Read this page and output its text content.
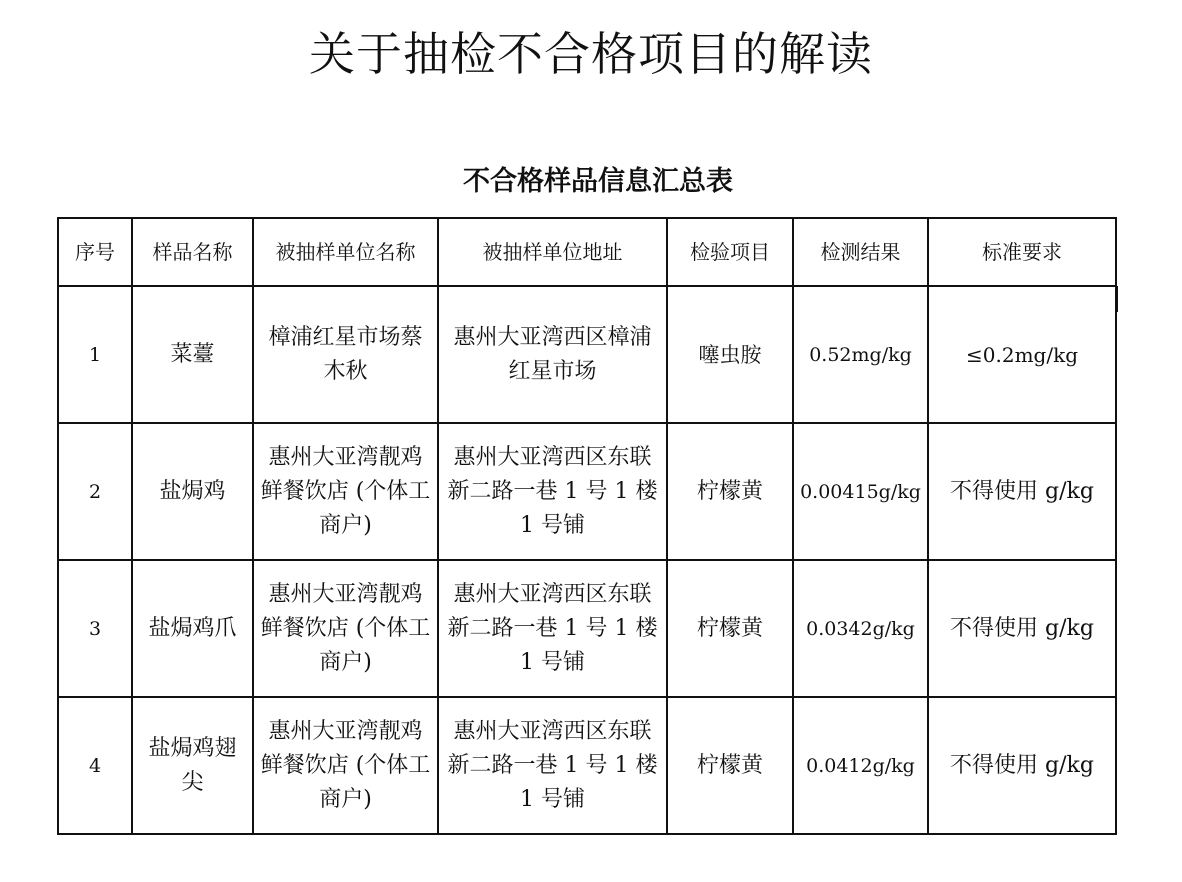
关于抽检不合格项目的解读
不合格样品信息汇总表
序号	样品名称	被抽样单位名称	被抽样单位地址	检验项目	检测结果	标准要求
1	菜薹	樟浦红星市场蔡木秋	惠州大亚湾西区樟浦红星市场	噻虫胺	0.52mg/kg	≤0.2mg/kg
2	盐焗鸡	惠州大亚湾靓鸡鲜餐饮店 (个体工商户)	惠州大亚湾西区东联新二路一巷 1 号 1 楼 1 号铺	柠檬黄	0.00415g/kg	不得使用 g/kg
3	盐焗鸡爪	惠州大亚湾靓鸡鲜餐饮店 (个体工商户)	惠州大亚湾西区东联新二路一巷 1 号 1 楼 1 号铺	柠檬黄	0.0342g/kg	不得使用 g/kg
4	盐焗鸡翅尖	惠州大亚湾靓鸡鲜餐饮店 (个体工商户)	惠州大亚湾西区东联新二路一巷 1 号 1 楼 1 号铺	柠檬黄	0.0412g/kg	不得使用 g/kg
